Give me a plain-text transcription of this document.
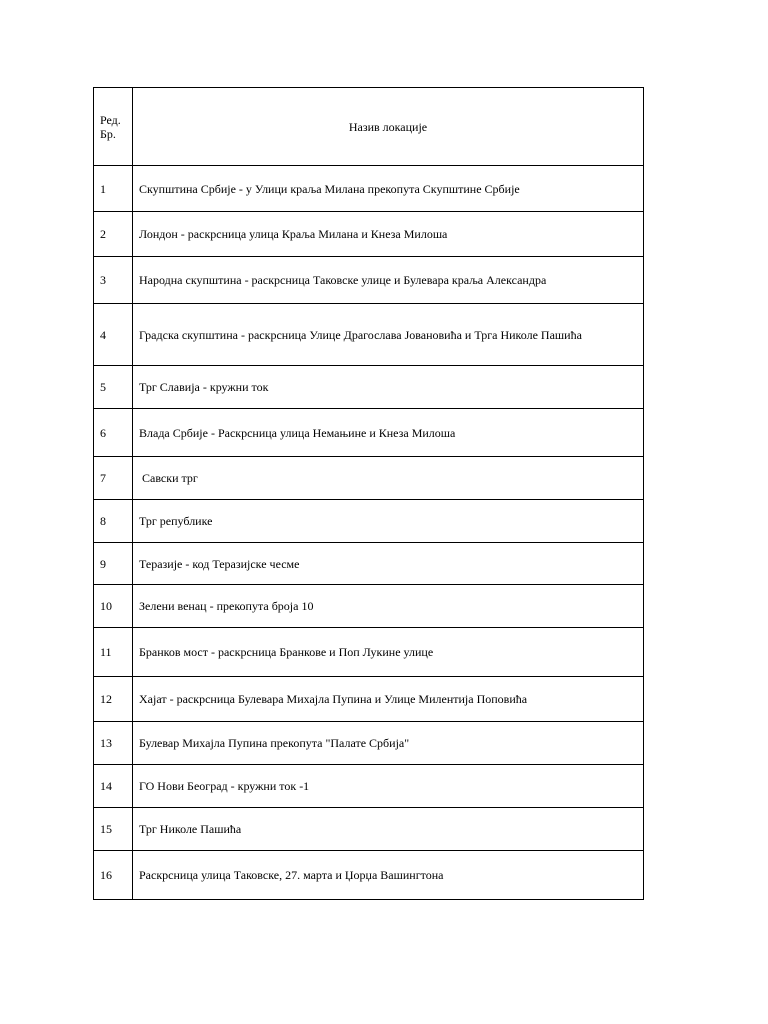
Ред.
Бр.	Назив локације
1	Скупштина Србије - у Улици краља Милана прекопута Скупштине Србије
2	Лондон - раскрсница улица Краља Милана и Кнеза Милоша
3	Народна скупштина - раскрсница Таковске улице и Булевара краља Александра
4	Градска скупштина - раскрсница Улице Драгослава Јовановића и Трга Николе Пашића
5	Трг Славија - кружни ток
6	Влада Србије - Раскрсница улица Немањине и Кнеза Милоша
7	Савски трг
8	Трг републике
9	Теразије - код Теразијске чесме
10	Зелени венац - прекопута броја 10
11	Бранков мост - раскрсница Бранкове и Поп Лукине улице
12	Хајат - раскрсница Булевара Михајла Пупина и Улице Милентија Поповића
13	Булевар Михајла Пупина прекопута "Палате Србија"
14	ГО Нови Београд - кружни ток -1
15	Трг Николе Пашића
16	Раскрсница улица Таковске, 27. марта и Џорџа Вашингтона
